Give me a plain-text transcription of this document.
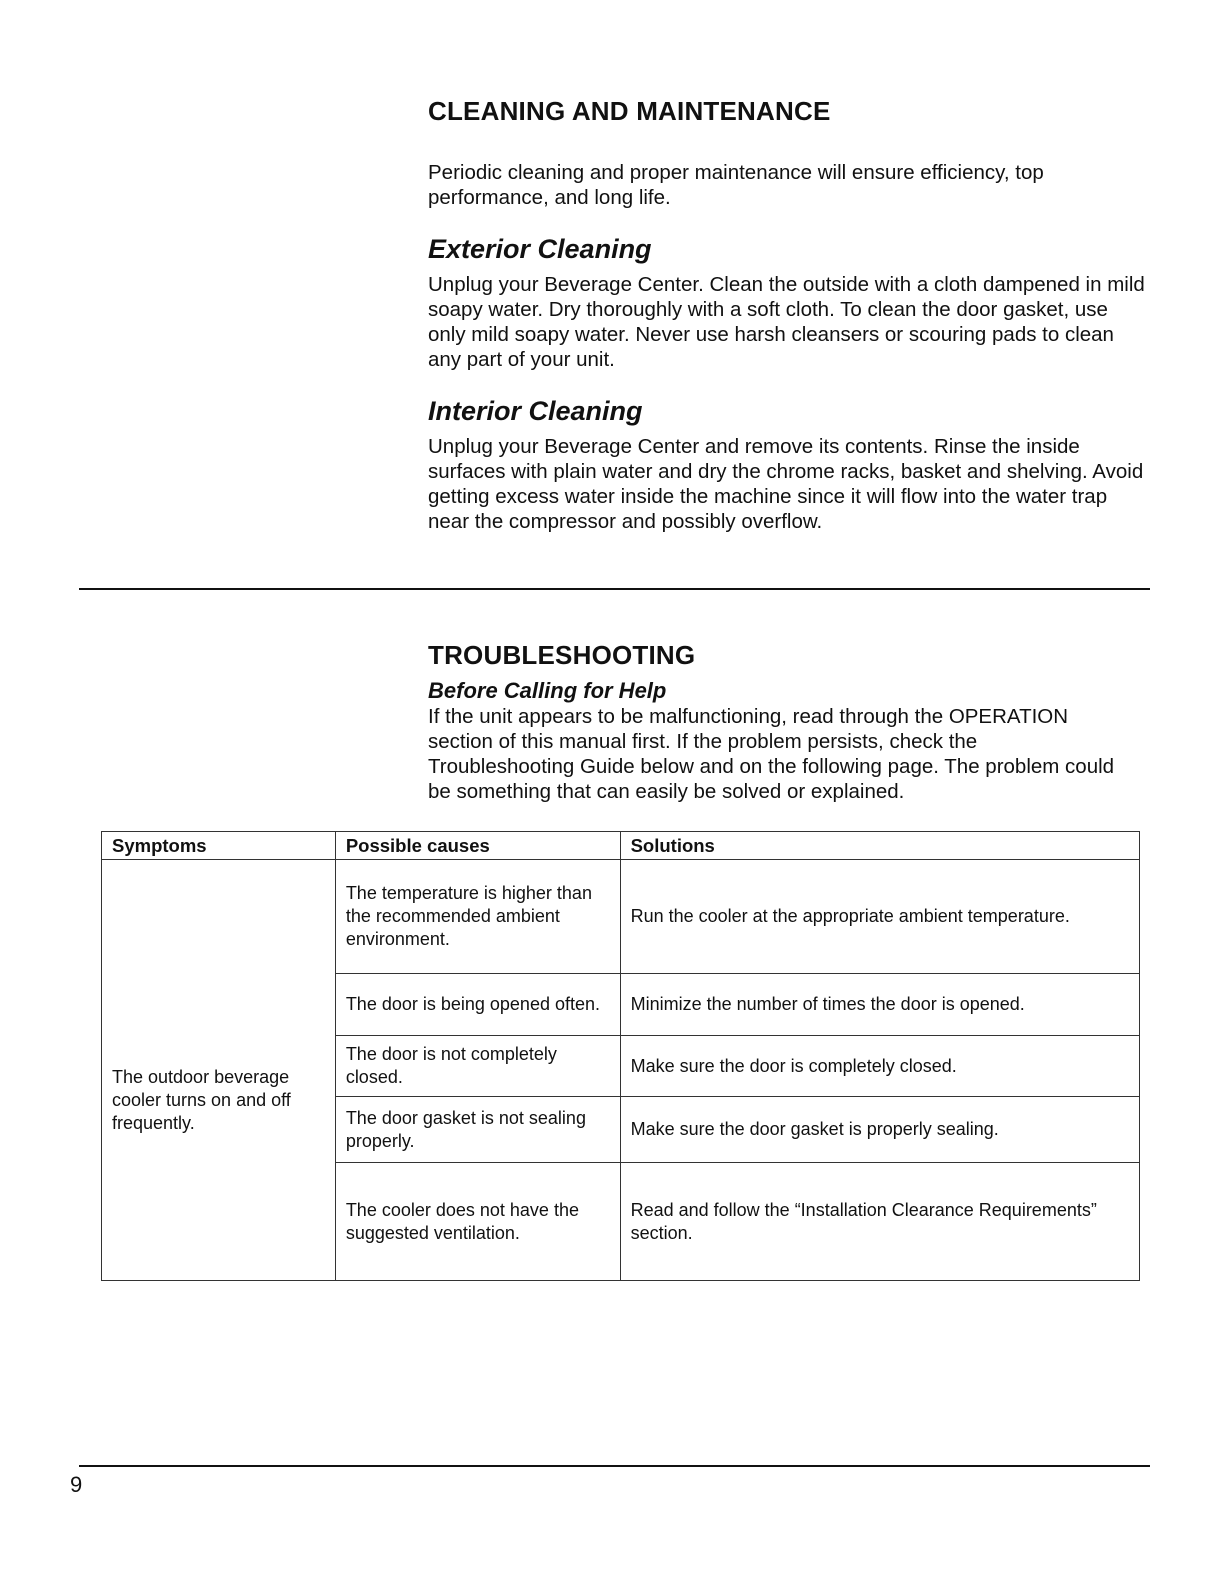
CLEANING AND MAINTENANCE
Periodic cleaning and proper maintenance will ensure efficiency, top performance, and long life.
Exterior Cleaning
Unplug your Beverage Center. Clean the outside with a cloth dampened in mild soapy water. Dry thoroughly with a soft cloth. To clean the door gasket, use only mild soapy water. Never use harsh cleansers or scouring pads to clean any part of your unit.
Interior Cleaning
Unplug your Beverage Center and remove its contents. Rinse the inside surfaces with plain water and dry the chrome racks, basket and shelving. Avoid getting excess water inside the machine since it will flow into the water trap near the compressor and possibly overflow.
TROUBLESHOOTING
Before Calling for Help
If the unit appears to be malfunctioning, read through the OPERATION section of this manual first. If the problem persists, check the Troubleshooting Guide below and on the following page. The problem could be something that can easily be solved or explained.
Symptoms	Possible causes	Solutions
The outdoor beverage cooler turns on and off frequently.	The temperature is higher than the recommended ambient environment.	Run the cooler at the appropriate ambient temperature.
	The door is being opened often.	Minimize the number of times the door is opened.
	The door is not completely closed.	Make sure the door is completely closed.
	The door gasket is not sealing properly.	Make sure the door gasket is properly sealing.
	The cooler does not have the suggested ventilation.	Read and follow the “Installation Clearance Requirements” section.
9
